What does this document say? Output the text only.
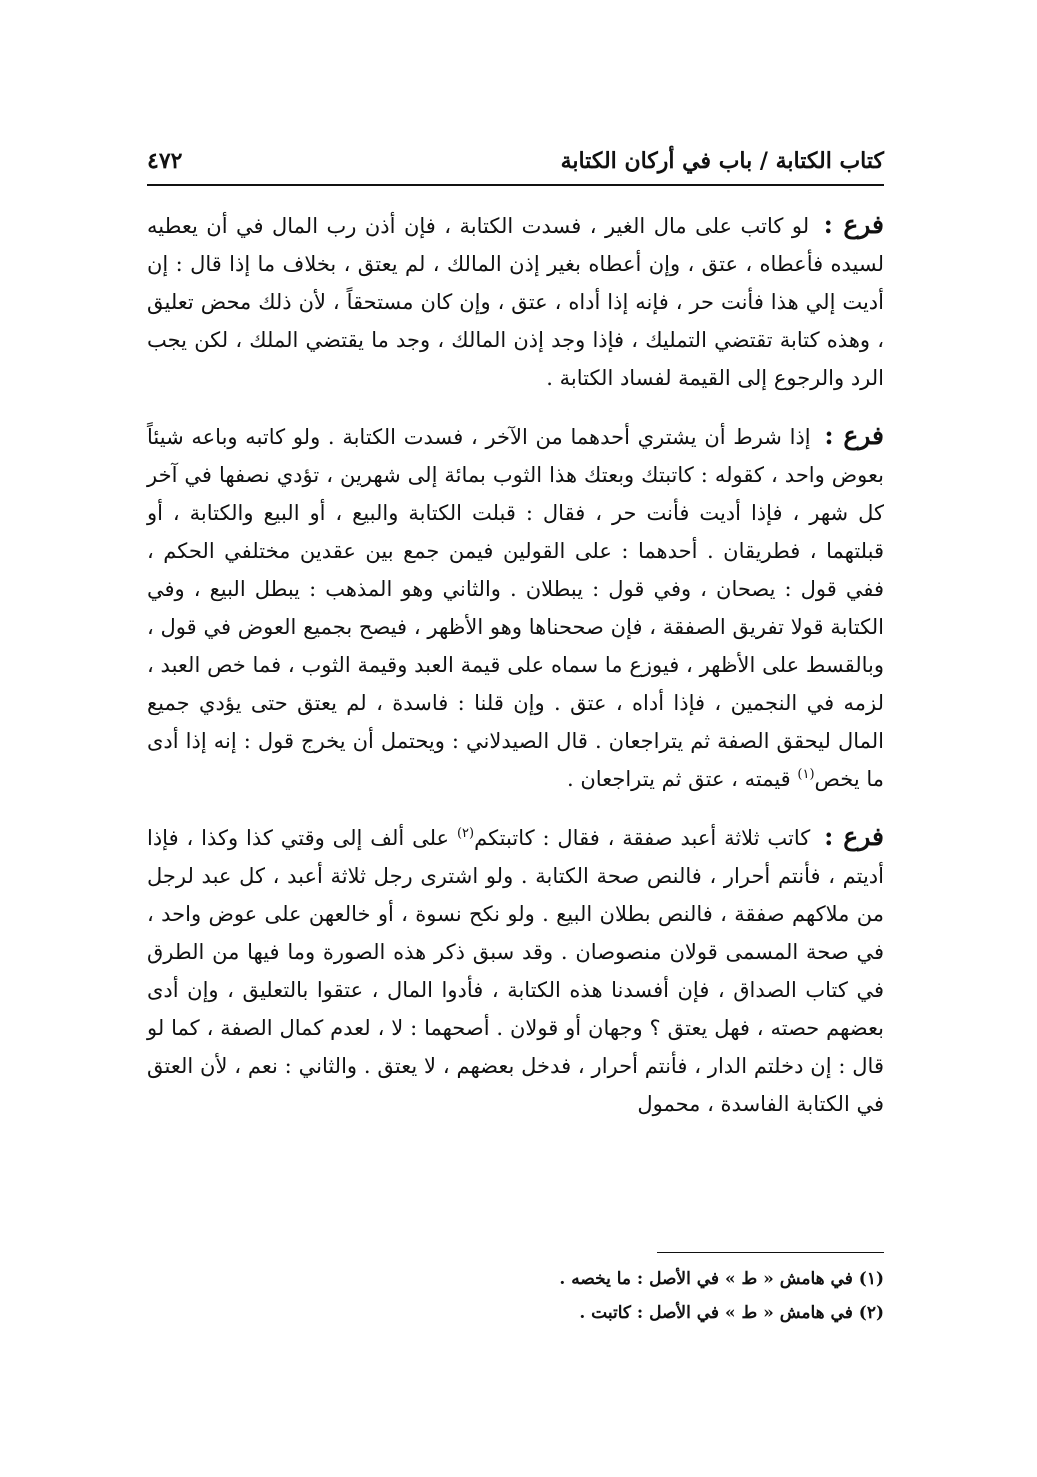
كتاب الكتابة / باب في أركان الكتابة
٤٧٢

فرع : لو كاتب على مال الغير ، فسدت الكتابة ، فإن أذن رب المال في أن يعطيه لسيده فأعطاه ، عتق ، وإن أعطاه بغير إذن المالك ، لم يعتق ، بخلاف ما إذا قال : إن أديت إلي هذا فأنت حر ، فإنه إذا أداه ، عتق ، وإن كان مستحقاً ، لأن ذلك محض تعليق ، وهذه كتابة تقتضي التمليك ، فإذا وجد إذن المالك ، وجد ما يقتضي الملك ، لكن يجب الرد والرجوع إلى القيمة لفساد الكتابة .

فرع : إذا شرط أن يشتري أحدهما من الآخر ، فسدت الكتابة . ولو كاتبه وباعه شيئاً بعوض واحد ، كقوله : كاتبتك وبعتك هذا الثوب بمائة إلى شهرين ، تؤدي نصفها في آخر كل شهر ، فإذا أديت فأنت حر ، فقال : قبلت الكتابة والبيع ، أو البيع والكتابة ، أو قبلتهما ، فطريقان . أحدهما : على القولين فيمن جمع بين عقدين مختلفي الحكم ، ففي قول : يصحان ، وفي قول : يبطلان . والثاني وهو المذهب : يبطل البيع ، وفي الكتابة قولا تفريق الصفقة ، فإن صححناها وهو الأظهر ، فيصح بجميع العوض في قول ، وبالقسط على الأظهر ، فيوزع ما سماه على قيمة العبد وقيمة الثوب ، فما خص العبد ، لزمه في النجمين ، فإذا أداه ، عتق . وإن قلنا : فاسدة ، لم يعتق حتى يؤدي جميع المال ليحقق الصفة ثم يتراجعان . قال الصيدلاني : ويحتمل أن يخرج قول : إنه إذا أدى ما يخص$^{(١)}$ قيمته ، عتق ثم يتراجعان .

فرع : كاتب ثلاثة أعبد صفقة ، فقال : كاتبتكم$^{(٢)}$ على ألف إلى وقتي كذا وكذا ، فإذا أديتم ، فأنتم أحرار ، فالنص صحة الكتابة . ولو اشترى رجل ثلاثة أعبد ، كل عبد لرجل من ملاكهم صفقة ، فالنص بطلان البيع . ولو نكح نسوة ، أو خالعهن على عوض واحد ، في صحة المسمى قولان منصوصان . وقد سبق ذكر هذه الصورة وما فيها من الطرق في كتاب الصداق ، فإن أفسدنا هذه الكتابة ، فأدوا المال ، عتقوا بالتعليق ، وإن أدى بعضهم حصته ، فهل يعتق ؟ وجهان أو قولان . أصحهما : لا ، لعدم كمال الصفة ، كما لو قال : إن دخلتم الدار ، فأنتم أحرار ، فدخل بعضهم ، لا يعتق . والثاني : نعم ، لأن العتق في الكتابة الفاسدة ، محمول

(١) في هامش « ط » في الأصل : ما يخصه .

(٢) في هامش « ط » في الأصل : كاتبت .
